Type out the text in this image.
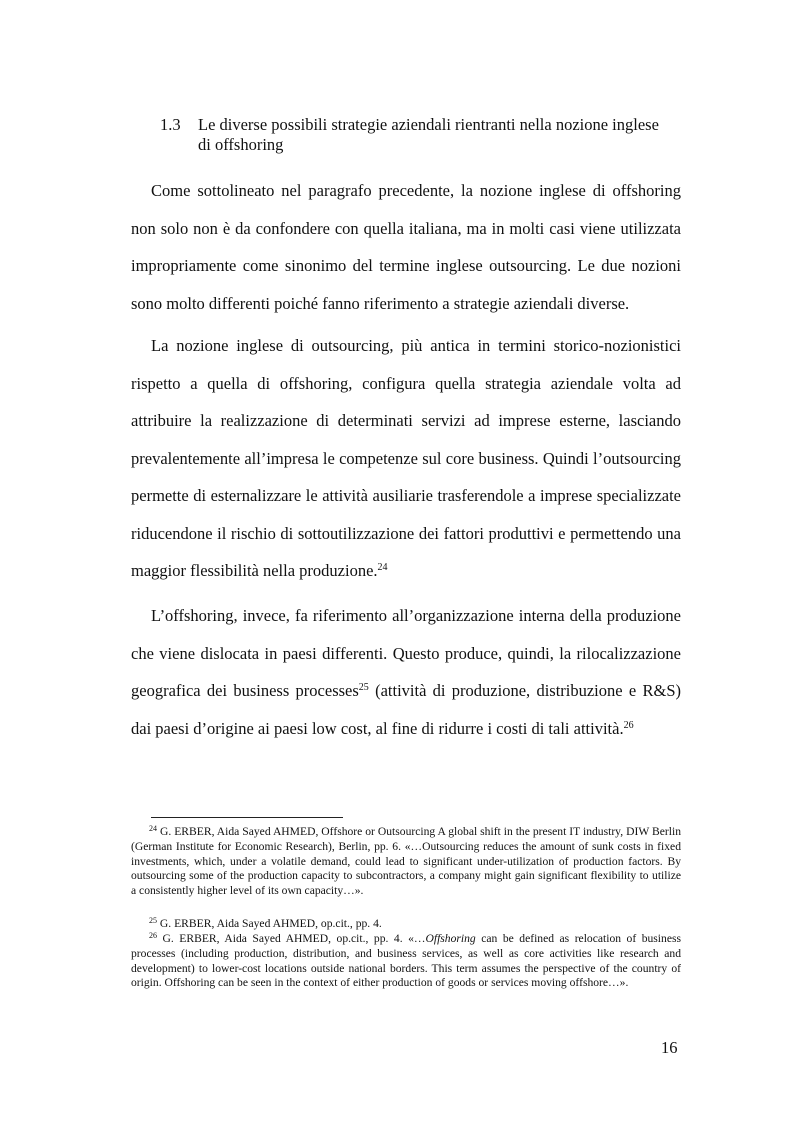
1.3 Le diverse possibili strategie aziendali rientranti nella nozione inglese di offshoring

Come sottolineato nel paragrafo precedente, la nozione inglese di offshoring non solo non è da confondere con quella italiana, ma in molti casi viene utilizzata impropriamente come sinonimo del termine inglese outsourcing. Le due nozioni sono molto differenti poiché fanno riferimento a strategie aziendali diverse.

La nozione inglese di outsourcing, più antica in termini storico-nozionistici rispetto a quella di offshoring, configura quella strategia aziendale volta ad attribuire la realizzazione di determinati servizi ad imprese esterne, lasciando prevalentemente all’impresa le competenze sul core business. Quindi l’outsourcing permette di esternalizzare le attività ausiliarie trasferendole a imprese specializzate riducendone il rischio di sottoutilizzazione dei fattori produttivi e permettendo una maggior flessibilità nella produzione.$^{24}$

L’offshoring, invece, fa riferimento all’organizzazione interna della produzione che viene dislocata in paesi differenti. Questo produce, quindi, la rilocalizzazione geografica dei business processes$^{25}$ (attività di produzione, distribuzione e R&S) dai paesi d’origine ai paesi low cost, al fine di ridurre i costi di tali attività.$^{26}$

$^{24}$ G. ERBER, Aida Sayed AHMED, Offshore or Outsourcing A global shift in the present IT industry, DIW Berlin (German Institute for Economic Research), Berlin, pp. 6. «…Outsourcing reduces the amount of sunk costs in fixed investments, which, under a volatile demand, could lead to significant under-utilization of production factors. By outsourcing some of the production capacity to subcontractors, a company might gain significant flexibility to utilize a consistently higher level of its own capacity…».

$^{25}$ G. ERBER, Aida Sayed AHMED, op.cit., pp. 4.

$^{26}$ G. ERBER, Aida Sayed AHMED, op.cit., pp. 4. «…Offshoring can be defined as relocation of business processes (including production, distribution, and business services, as well as core activities like research and development) to lower-cost locations outside national borders. This term assumes the perspective of the country of origin. Offshoring can be seen in the context of either production of goods or services moving offshore…».

16
